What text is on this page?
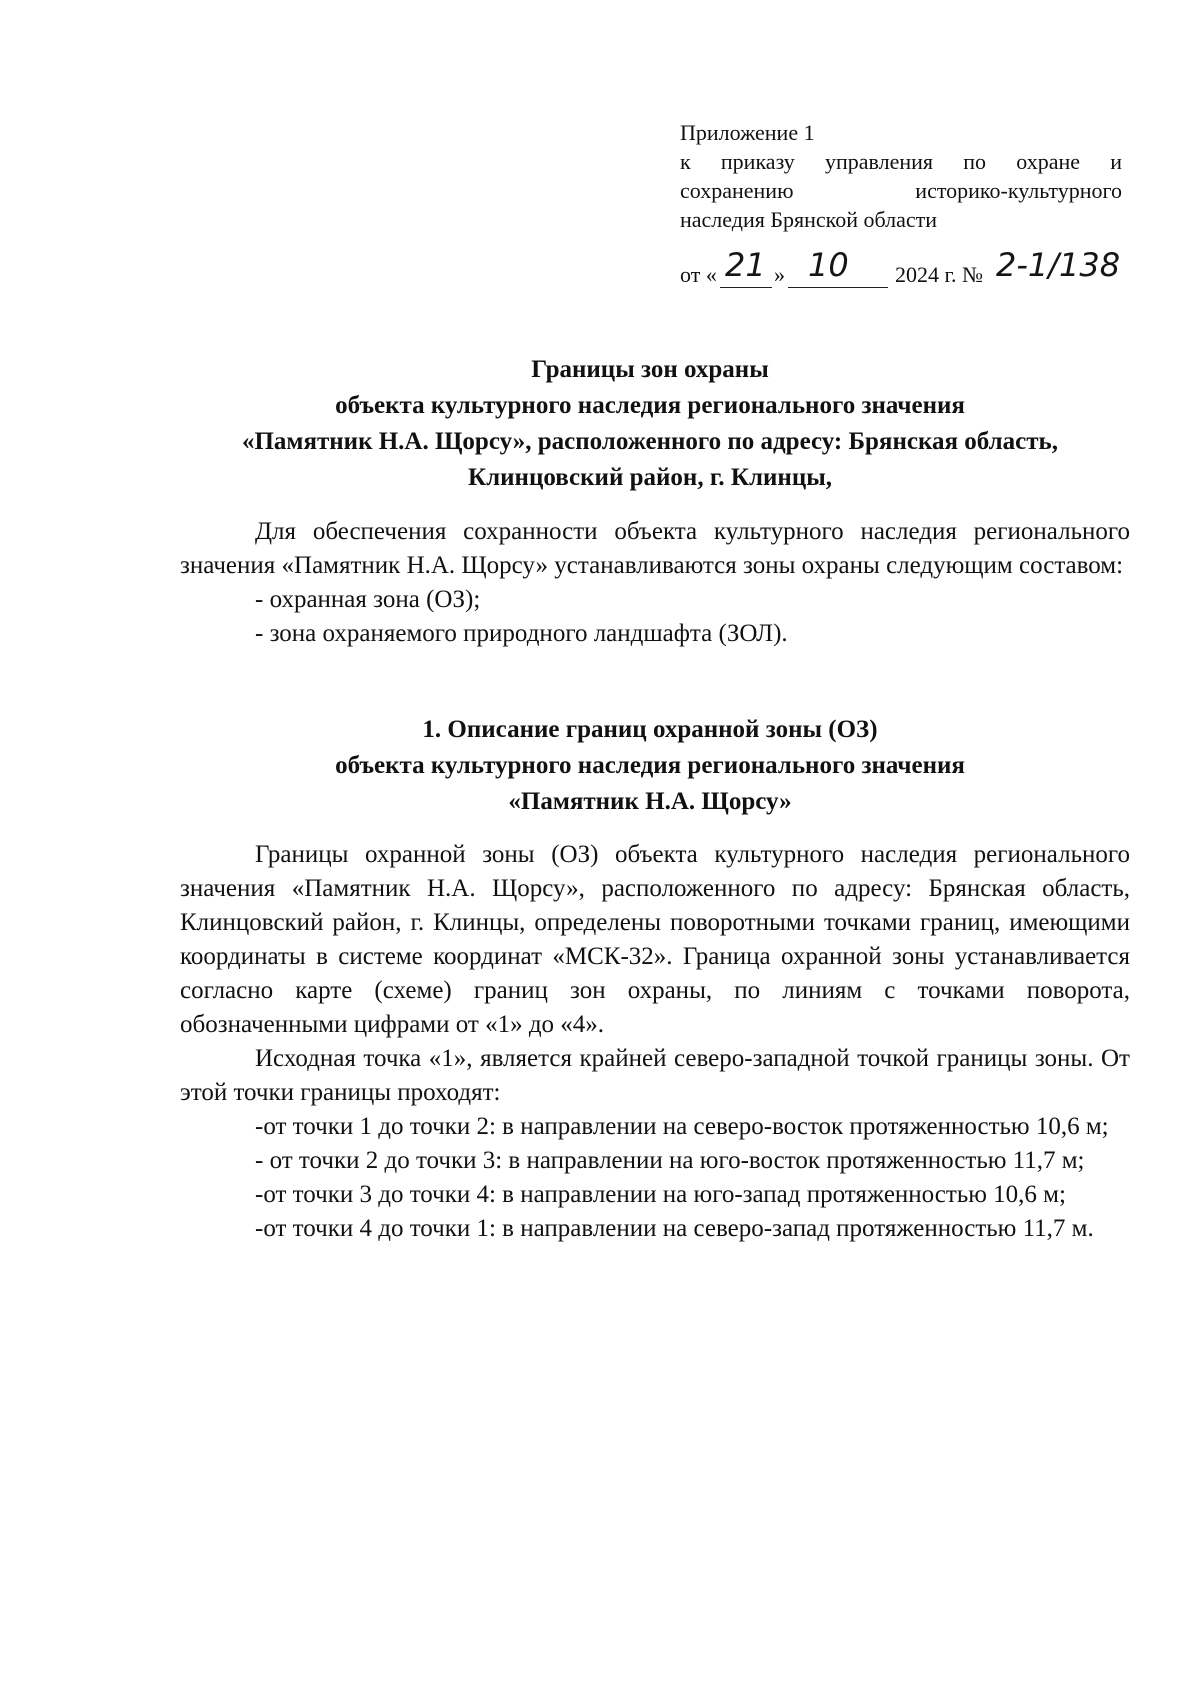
Приложение 1
к приказу управления по охране и
сохранению историко-культурного
наследия Брянской области
от « 21 » 10 2024 г. № 2-1/138
Границы зон охраны
объекта культурного наследия регионального значения
«Памятник Н.А. Щорсу», расположенного по адресу: Брянская область,
Клинцовский район, г. Клинцы,

Для обеспечения сохранности объекта культурного наследия регионального значения «Памятник Н.А. Щорсу» устанавливаются зоны охраны следующим составом:

- охранная зона (ОЗ);

- зона охраняемого природного ландшафта (ЗОЛ).

1. Описание границ охранной зоны (ОЗ)
объекта культурного наследия регионального значения
«Памятник Н.А. Щорсу»

Границы охранной зоны (ОЗ) объекта культурного наследия регионального значения «Памятник Н.А. Щорсу», расположенного по адресу: Брянская область, Клинцовский район, г. Клинцы, определены поворотными точками границ, имеющими координаты в системе координат «МСК-32». Граница охранной зоны устанавливается согласно карте (схеме) границ зон охраны, по линиям с точками поворота, обозначенными цифрами от «1» до «4».

Исходная точка «1», является крайней северо-западной точкой границы зоны. От этой точки границы проходят:

-от точки 1 до точки 2: в направлении на северо-восток протяженностью 10,6 м;

- от точки 2 до точки 3: в направлении на юго-восток протяженностью 11,7 м;

-от точки 3 до точки 4: в направлении на юго-запад протяженностью 10,6 м;

-от точки 4 до точки 1: в направлении на северо-запад протяженностью 11,7 м.
